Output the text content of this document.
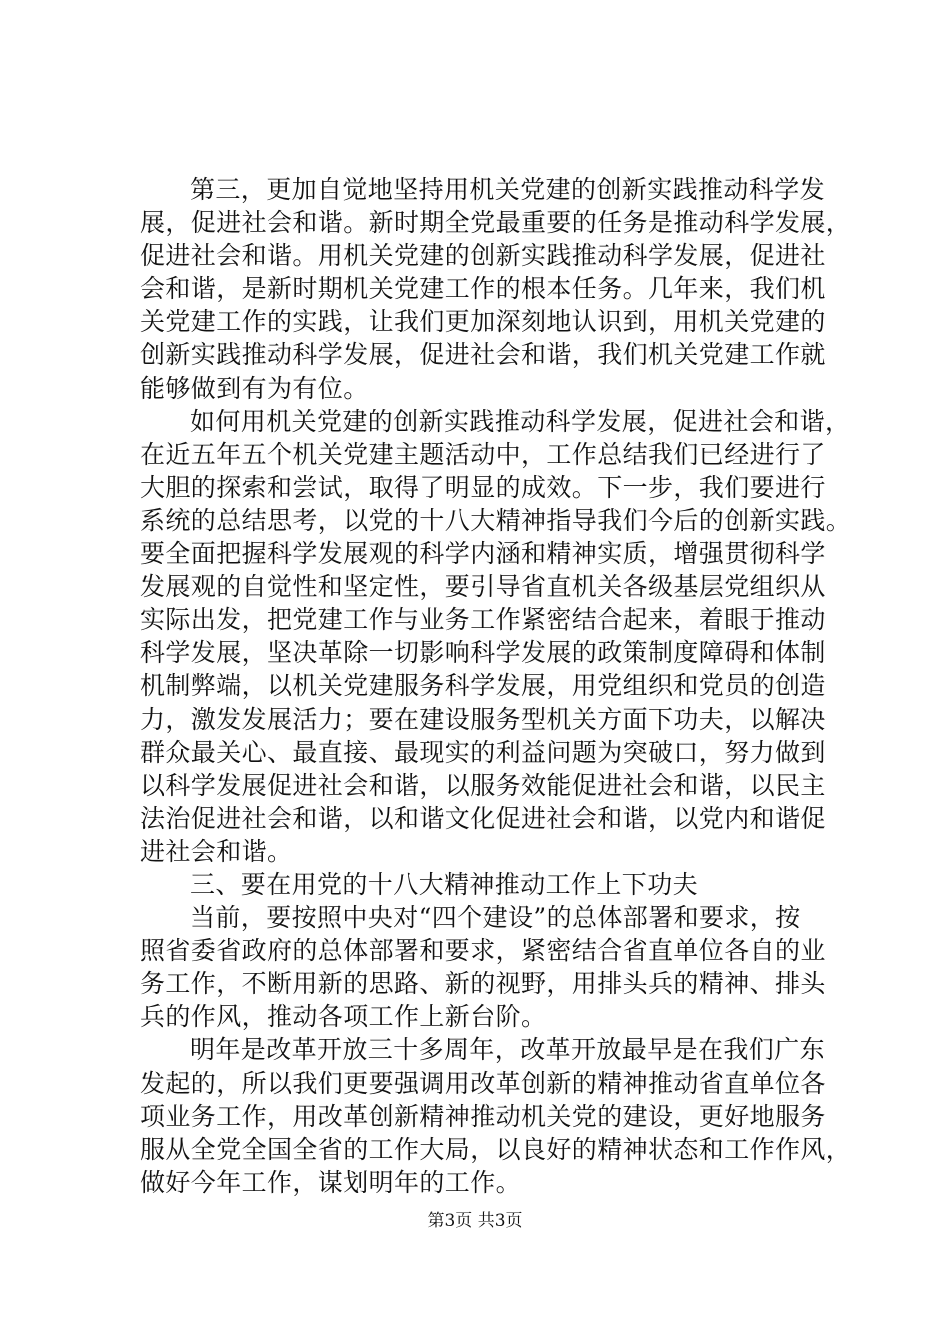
第三，更加自觉地坚持用机关党建的创新实践推动科学发
展，促进社会和谐。新时期全党最重要的任务是推动科学发展，
促进社会和谐。用机关党建的创新实践推动科学发展，促进社
会和谐，是新时期机关党建工作的根本任务。几年来，我们机
关党建工作的实践，让我们更加深刻地认识到，用机关党建的
创新实践推动科学发展，促进社会和谐，我们机关党建工作就
能够做到有为有位。
如何用机关党建的创新实践推动科学发展，促进社会和谐，
在近五年五个机关党建主题活动中，工作总结我们已经进行了
大胆的探索和尝试，取得了明显的成效。下一步，我们要进行
系统的总结思考，以党的十八大精神指导我们今后的创新实践。
要全面把握科学发展观的科学内涵和精神实质，增强贯彻科学
发展观的自觉性和坚定性，要引导省直机关各级基层党组织从
实际出发，把党建工作与业务工作紧密结合起来，着眼于推动
科学发展，坚决革除一切影响科学发展的政策制度障碍和体制
机制弊端，以机关党建服务科学发展，用党组织和党员的创造
力，激发发展活力；要在建设服务型机关方面下功夫，以解决
群众最关心、最直接、最现实的利益问题为突破口，努力做到
以科学发展促进社会和谐，以服务效能促进社会和谐，以民主
法治促进社会和谐，以和谐文化促进社会和谐，以党内和谐促
进社会和谐。
三、要在用党的十八大精神推动工作上下功夫
当前，要按照中央对“四个建设”的总体部署和要求，按
照省委省政府的总体部署和要求，紧密结合省直单位各自的业
务工作，不断用新的思路、新的视野，用排头兵的精神、排头
兵的作风，推动各项工作上新台阶。
明年是改革开放三十多周年，改革开放最早是在我们广东
发起的，所以我们更要强调用改革创新的精神推动省直单位各
项业务工作，用改革创新精神推动机关党的建设，更好地服务
服从全党全国全省的工作大局，以良好的精神状态和工作作风，
做好今年工作，谋划明年的工作。
第3页 共3页
